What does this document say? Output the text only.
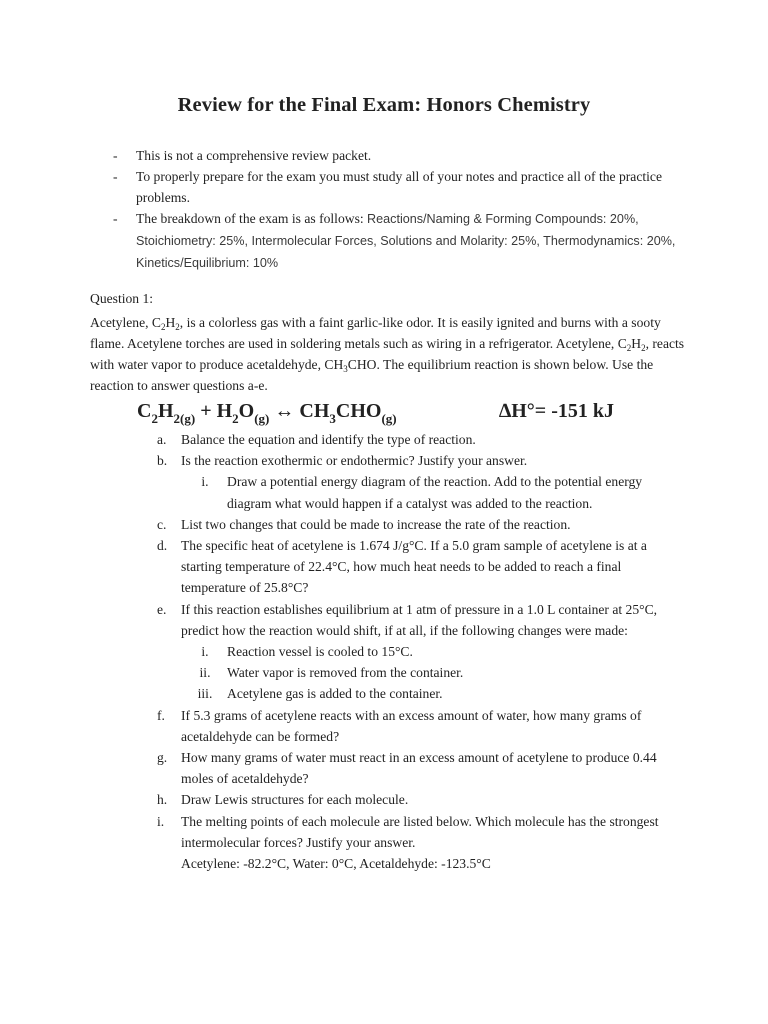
Review for the Final Exam: Honors Chemistry
- This is not a comprehensive review packet.
- To properly prepare for the exam you must study all of your notes and practice all of the practice problems.
- The breakdown of the exam is as follows: Reactions/Naming & Forming Compounds: 20%, Stoichiometry: 25%, Intermolecular Forces, Solutions and Molarity: 25%, Thermodynamics: 20%, Kinetics/Equilibrium: 10%
Question 1:

Acetylene, $C_2H_2$, is a colorless gas with a faint garlic-like odor. It is easily ignited and burns with a sooty flame. Acetylene torches are used in soldering metals such as wiring in a refrigerator. Acetylene, $C_2H_2$, reacts with water vapor to produce acetaldehyde, $CH_3CHO$. The equilibrium reaction is shown below. Use the reaction to answer questions a-e.

$C_2H_{2(g)} + H_2O_{(g)}$ ↔ $CH_3CHO_{(g)}$	∆H°= -151 kJ
a. Balance the equation and identify the type of reaction.
b. Is the reaction exothermic or endothermic? Justify your answer.
i.	Draw a potential energy diagram of the reaction. Add to the potential energy diagram what would happen if a catalyst was added to the reaction.
c. List two changes that could be made to increase the rate of the reaction.
d. The specific heat of acetylene is 1.674 J/g°C. If a 5.0 gram sample of acetylene is at a starting temperature of 22.4°C, how much heat needs to be added to reach a final temperature of 25.8°C?
e. If this reaction establishes equilibrium at 1 atm of pressure in a 1.0 L container at 25°C, predict how the reaction would shift, if at all, if the following changes were made:
i.	Reaction vessel is cooled to 15°C.
ii.	Water vapor is removed from the container.
iii.	Acetylene gas is added to the container.
f. If 5.3 grams of acetylene reacts with an excess amount of water, how many grams of acetaldehyde can be formed?
g. How many grams of water must react in an excess amount of acetylene to produce 0.44 moles of acetaldehyde?
h. Draw Lewis structures for each molecule.
i. The melting points of each molecule are listed below. Which molecule has the strongest intermolecular forces? Justify your answer.
Acetylene: -82.2°C, Water: 0°C, Acetaldehyde: -123.5°C
